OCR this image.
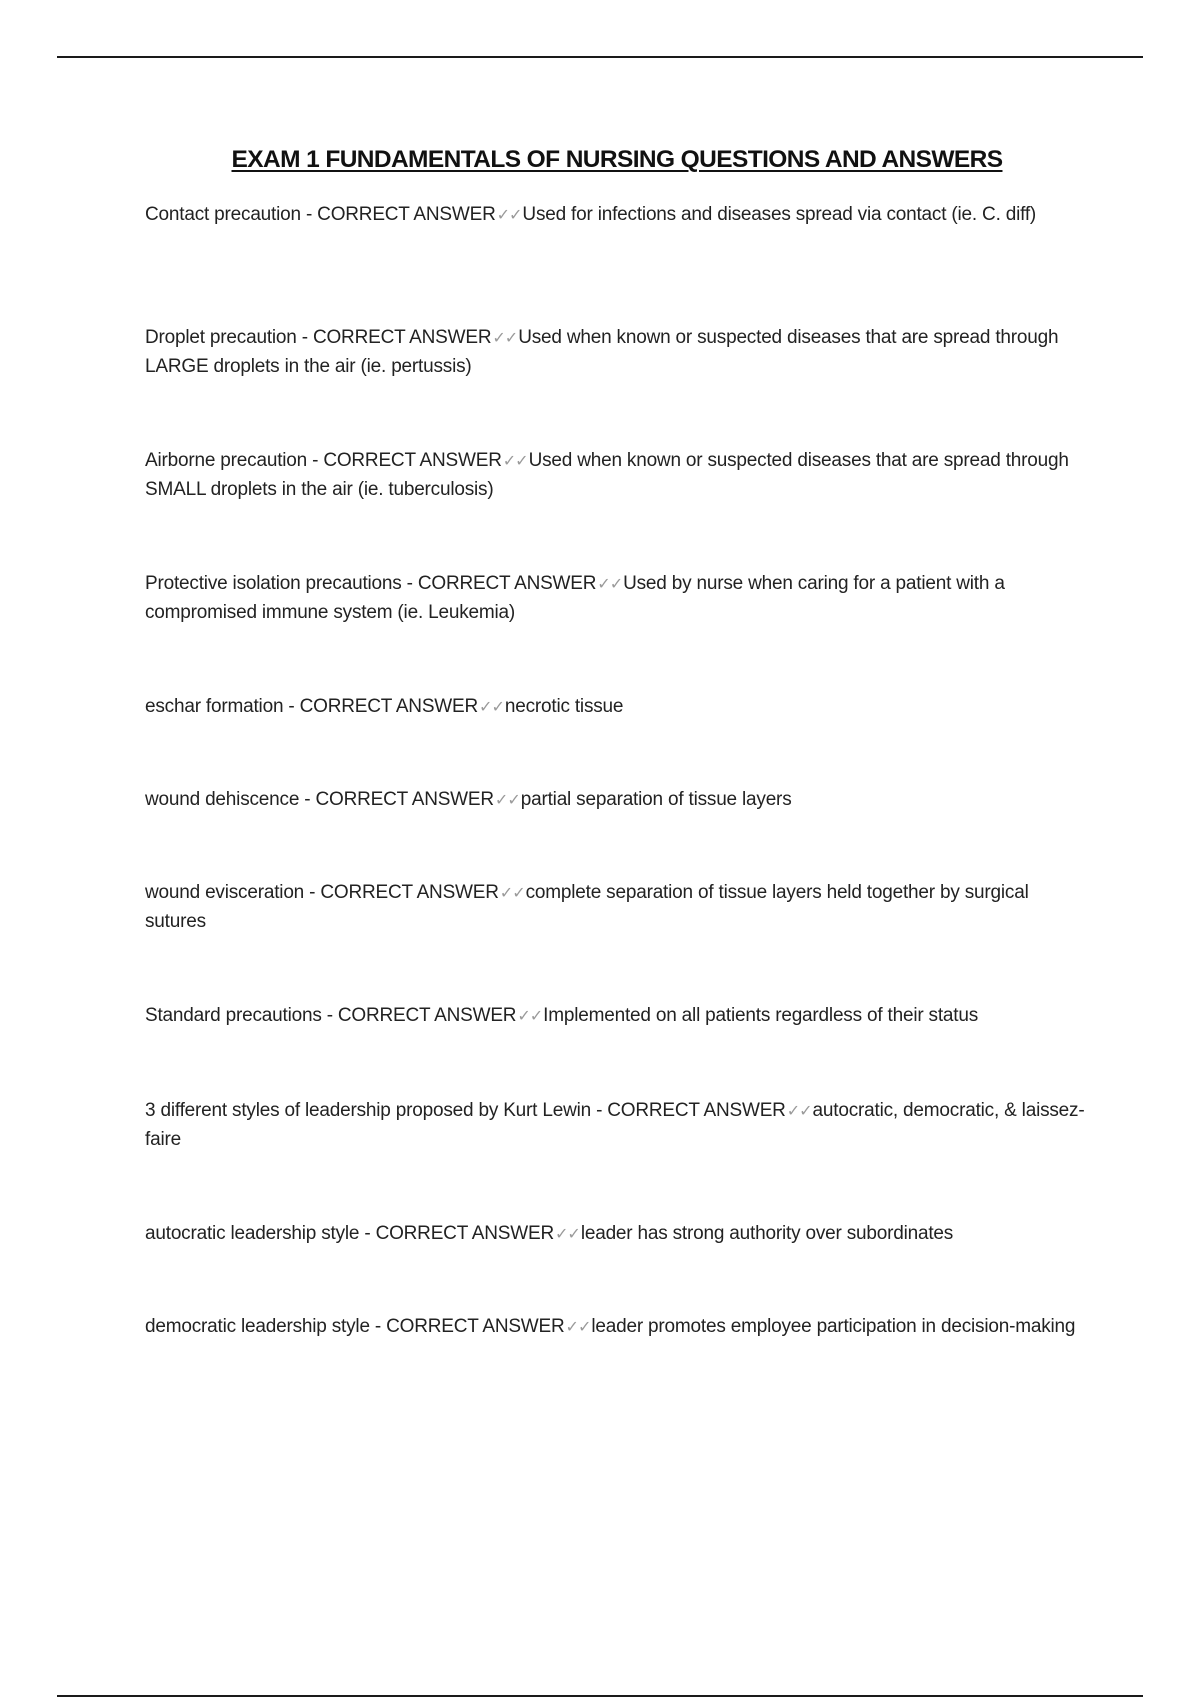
EXAM 1 FUNDAMENTALS OF NURSING QUESTIONS AND ANSWERS

Contact precaution - CORRECT ANSWER✓✓Used for infections and diseases spread via contact (ie. C. diff)

Droplet precaution - CORRECT ANSWER✓✓Used when known or suspected diseases that are spread through LARGE droplets in the air (ie. pertussis)

Airborne precaution - CORRECT ANSWER✓✓Used when known or suspected diseases that are spread through SMALL droplets in the air (ie. tuberculosis)

Protective isolation precautions - CORRECT ANSWER✓✓Used by nurse when caring for a patient with a compromised immune system (ie. Leukemia)

eschar formation - CORRECT ANSWER✓✓necrotic tissue

wound dehiscence - CORRECT ANSWER✓✓partial separation of tissue layers

wound evisceration - CORRECT ANSWER✓✓complete separation of tissue layers held together by surgical sutures

Standard precautions - CORRECT ANSWER✓✓Implemented on all patients regardless of their status

3 different styles of leadership proposed by Kurt Lewin - CORRECT ANSWER✓✓autocratic, democratic, & laissez-faire

autocratic leadership style - CORRECT ANSWER✓✓leader has strong authority over subordinates

democratic leadership style - CORRECT ANSWER✓✓leader promotes employee participation in decision-making
